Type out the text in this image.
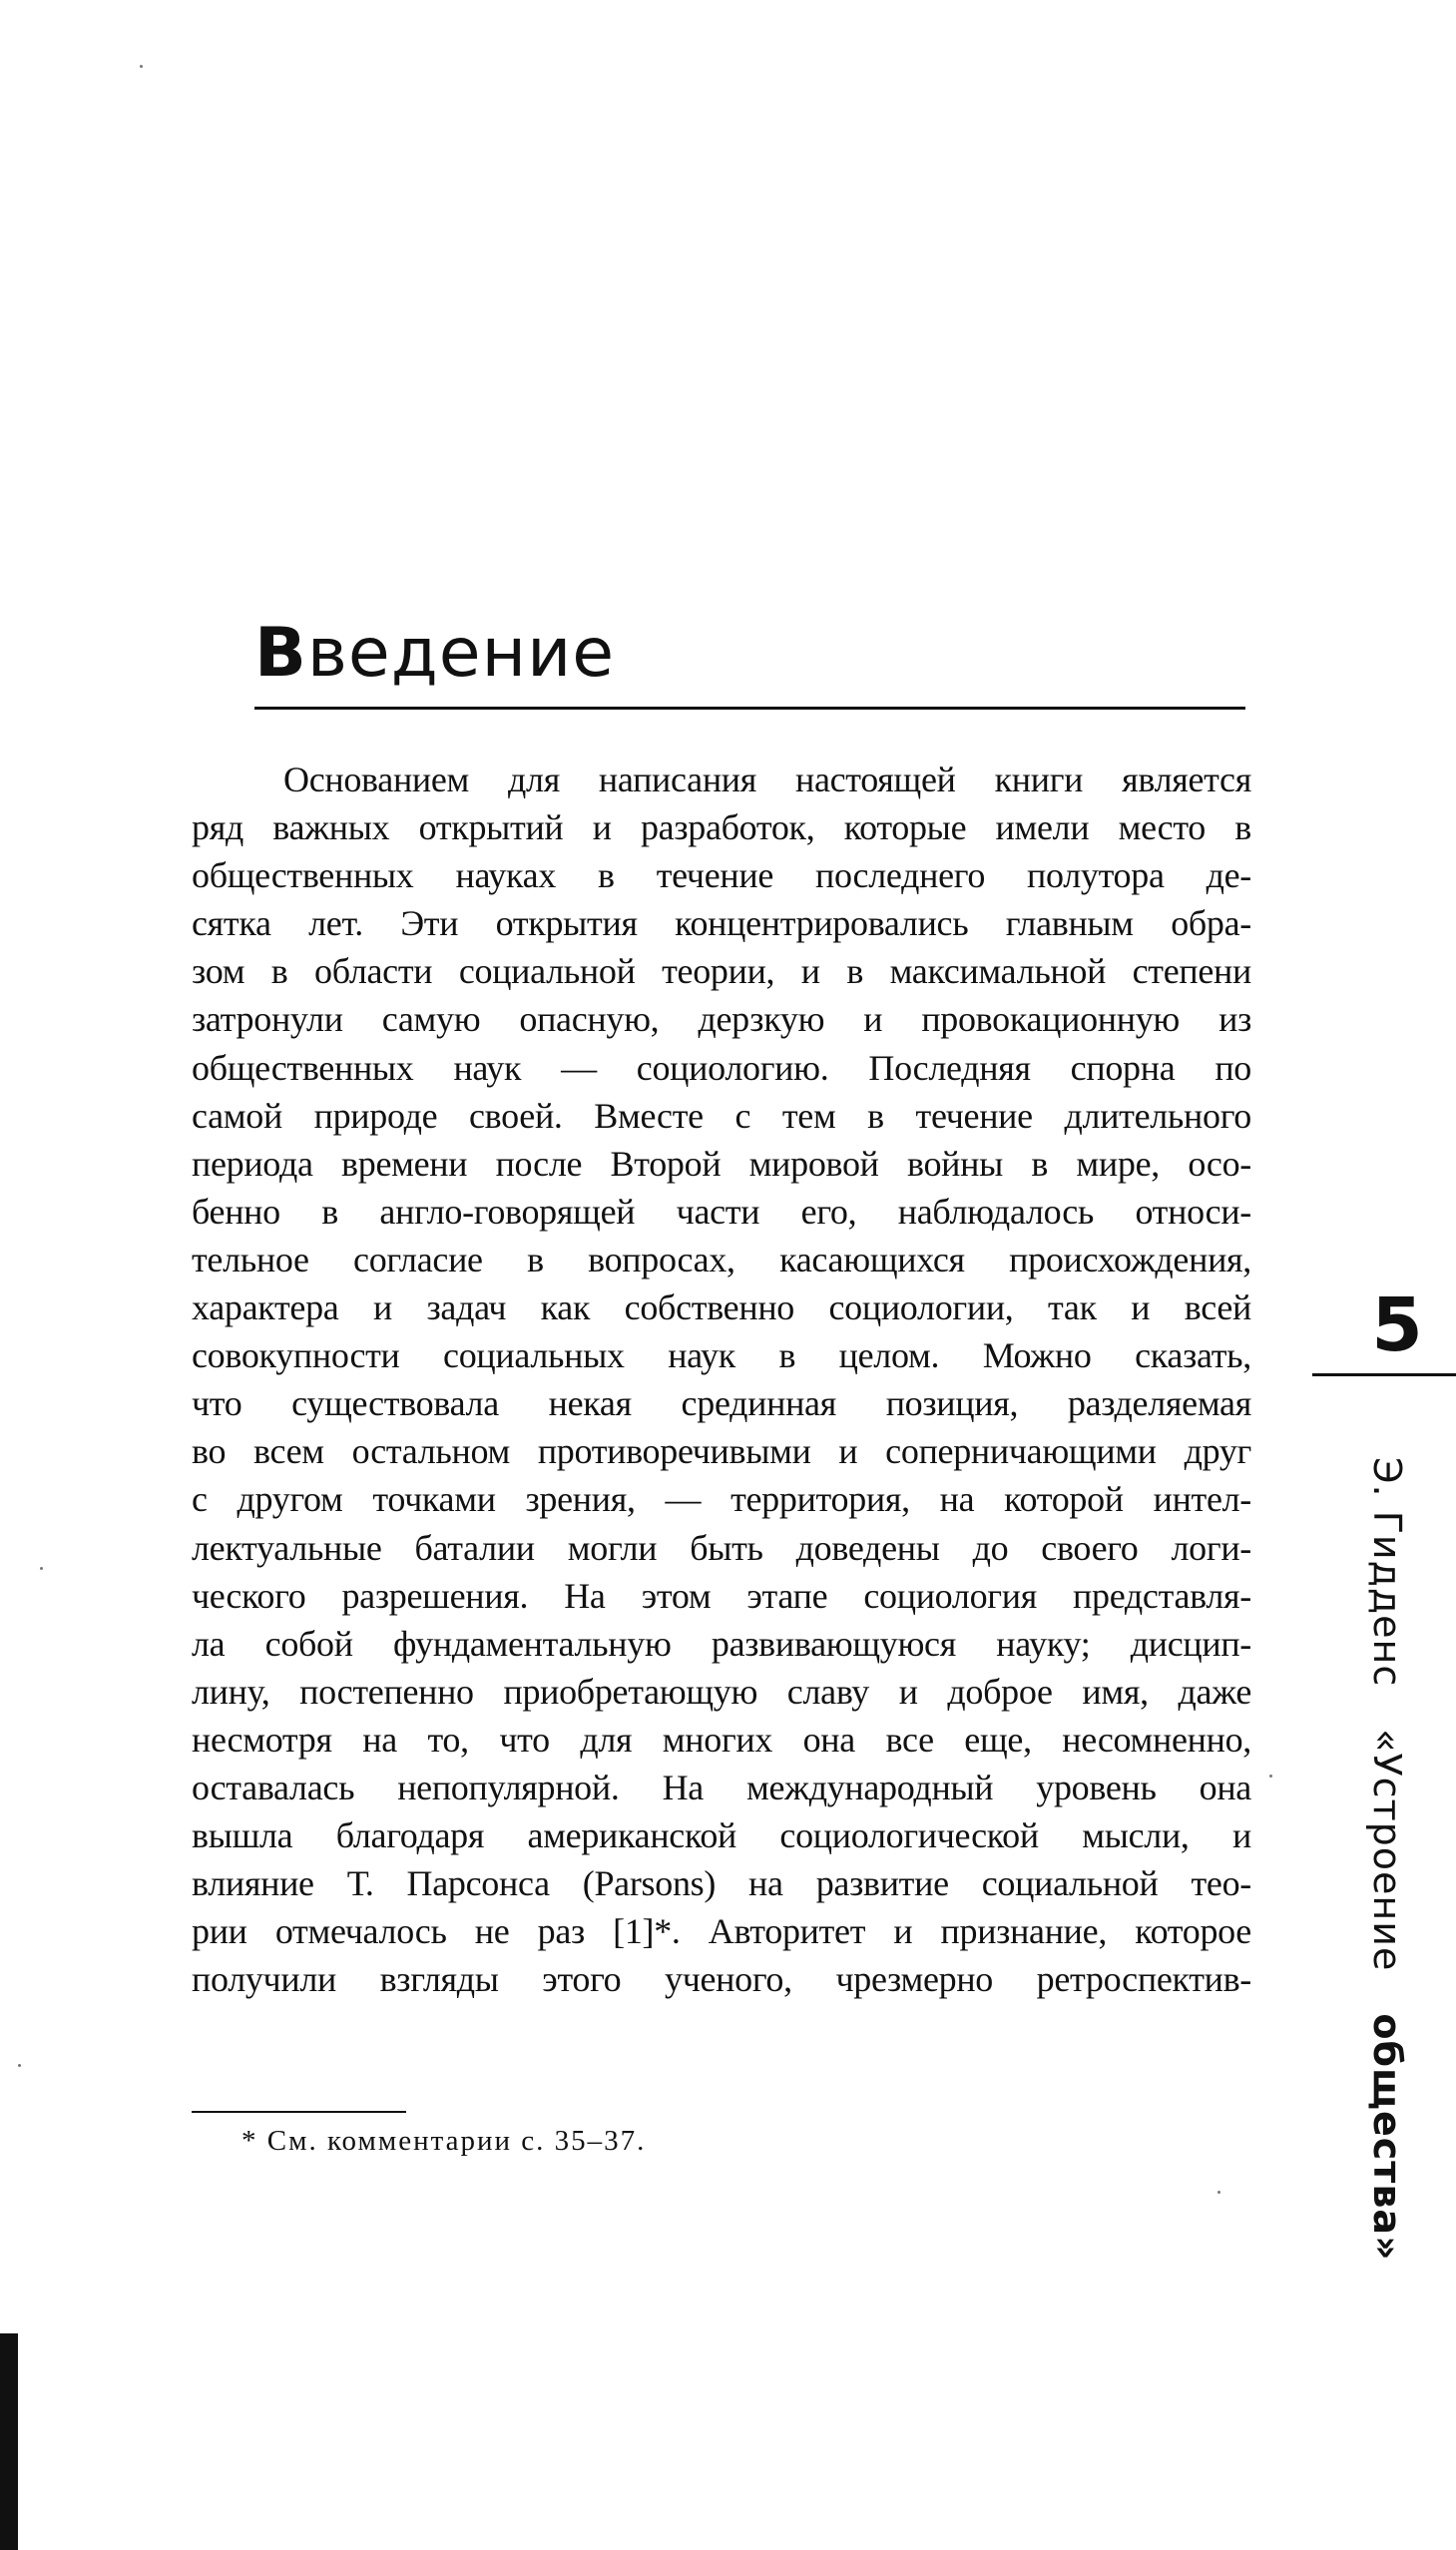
Введение
Основанием для написания настоящей книги является
ряд важных открытий и разработок, которые имели место в
общественных науках в течение последнего полутора де-
сятка лет. Эти открытия концентрировались главным обра-
зом в области социальной теории, и в максимальной степени
затронули самую опасную, дерзкую и провокационную из
общественных наук — социологию. Последняя спорна по
самой природе своей. Вместе с тем в течение длительного
периода времени после Второй мировой войны в мире, осо-
бенно в англо-говорящей части его, наблюдалось относи-
тельное согласие в вопросах, касающихся происхождения,
характера и задач как собственно социологии, так и всей
совокупности социальных наук в целом. Можно сказать,
что существовала некая срединная позиция, разделяемая
во всем остальном противоречивыми и соперничающими друг
с другом точками зрения, — территория, на которой интел-
лектуальные баталии могли быть доведены до своего логи-
ческого разрешения. На этом этапе социология представля-
ла собой фундаментальную развивающуюся науку; дисцип-
лину, постепенно приобретающую славу и доброе имя, даже
несмотря на то, что для многих она все еще, несомненно,
оставалась непопулярной. На международный уровень она
вышла благодаря американской социологической мысли, и
влияние Т. Парсонса (Parsons) на развитие социальной тео-
рии отмечалось не раз [1]*. Авторитет и признание, которое
получили взгляды этого ученого, чрезмерно ретроспектив-
* См. комментарии с. 35–37.
5
Э. Гидденс«Устроениеобщества»
